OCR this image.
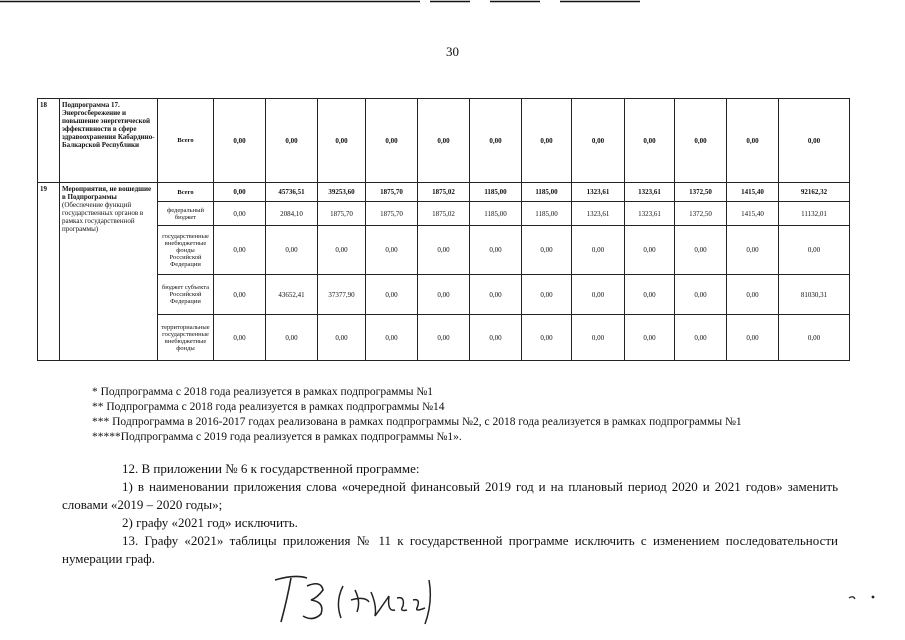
30
18	Подпрограмма 17. Энергосбережение и повышение энергетической эффективности в сфере здравоохранения Кабардино-Балкарской Республики	Всего	0,00	0,00	0,00	0,00	0,00	0,00	0,00	0,00	0,00	0,00	0,00	0,00
19	Мероприятия, не вошедшие в Подпрограммы
(Обеспечение функций государственных органов в рамках государственной программы)	Всего	0,00	45736,51	39253,60	1875,70	1875,02	1185,00	1185,00	1323,61	1323,61	1372,50	1415,40	92162,32
		федеральный бюджет	0,00	2084,10	1875,70	1875,70	1875,02	1185,00	1185,00	1323,61	1323,61	1372,50	1415,40	11132,01
		государственные внебюджетные фонды Российской Федерации	0,00	0,00	0,00	0,00	0,00	0,00	0,00	0,00	0,00	0,00	0,00	0,00
		бюджет субъекта Российской Федерации	0,00	43652,41	37377,90	0,00	0,00	0,00	0,00	0,00	0,00	0,00	0,00	81030,31
		территориальные государственные внебюджетные фонды	0,00	0,00	0,00	0,00	0,00	0,00	0,00	0,00	0,00	0,00	0,00	0,00
* Подпрограмма с 2018 года реализуется в рамках подпрограммы №1
** Подпрограмма с 2018 года реализуется в рамках подпрограммы №14
*** Подпрограмма в 2016-2017 годах реализована в рамках подпрограммы №2, с 2018 года реализуется в рамках подпрограммы №1
*****Подпрограмма с 2019 года реализуется в рамках подпрограммы №1».

12. В приложении № 6 к государственной программе:

1) в наименовании приложения слова «очередной финансовый 2019 год и на плановый период 2020 и 2021 годов» заменить словами «2019 – 2020 годы»;

2) графу «2021 год» исключить.

13. Графу «2021» таблицы приложения № 11 к государственной программе исключить с изменением последовательности нумерации граф.
